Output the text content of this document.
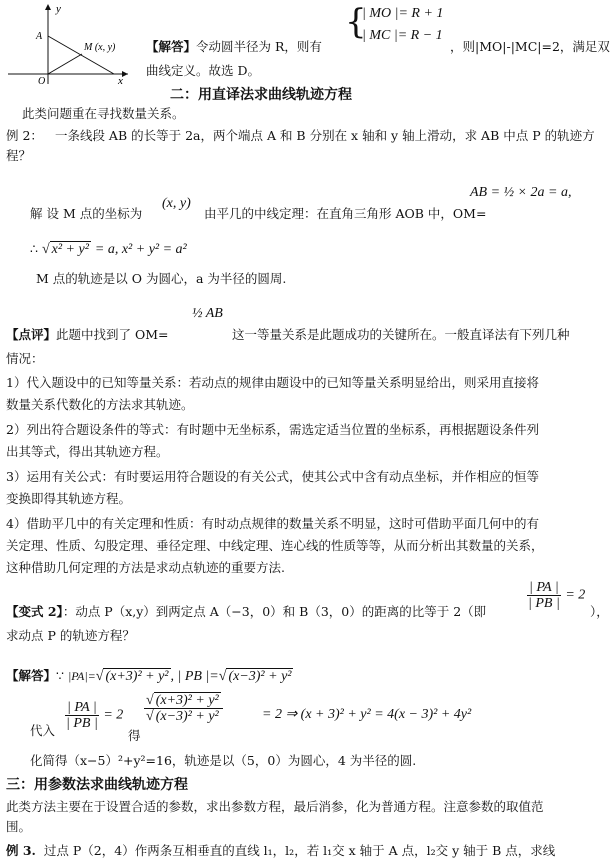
y
x
A
O
M (x, y) 【解答】令动圆半径为 R，则有
{
| MO |= R + 1
| MC |= R − 1
，则|MO|-|MC|=2，满足双
曲线定义。故选 D。
二：用直译法求曲线轨迹方程
此类问题重在寻找数量关系。
例 2： 一条线段 AB 的长等于 2a，两个端点 A 和 B 分别在 x 轴和 y 轴上滑动，求 AB 中点 P 的轨迹方
程？
解 设 M 点的坐标为
(x, y)
由平几的中线定理：在直角三角形 AOB 中，OM=
AB = ½ × 2a = a,
∴ √ x² + y² = a, x² + y² = a²
M 点的轨迹是以 O 为圆心，a 为半径的圆周.
【点评】此题中找到了 OM=
½ AB
这一等量关系是此题成功的关键所在。一般直译法有下列几种
情况：
1）代入题设中的已知等量关系：若动点的规律由题设中的已知等量关系明显给出，则采用直接将
数量关系代数化的方法求其轨迹。
2）列出符合题设条件的等式：有时题中无坐标系，需选定适当位置的坐标系，再根据题设条件列
出其等式，得出其轨迹方程。
3）运用有关公式：有时要运用符合题设的有关公式，使其公式中含有动点坐标，并作相应的恒等
变换即得其轨迹方程。
4）借助平几中的有关定理和性质：有时动点规律的数量关系不明显，这时可借助平面几何中的有
关定理、性质、勾股定理、垂径定理、中线定理、连心线的性质等等，从而分析出其数量的关系，
这种借助几何定理的方法是求动点轨迹的重要方法.
【变式 2】：动点 P（x,y）到两定点 A（−3，0）和 B（3，0）的距离的比等于 2（即
$\frac{| PA |}{| PB |} = 2$
），
求动点 P 的轨迹方程？
【解答】∵ |PA|=√ (x+3)² + y² , | PB |=√ (x−3)² + y²
代入 $\frac{| PA |}{| PB |} = 2$
得
$\frac{\text{√ (x+3)² + y²}}{\text{√ (x−3)² + y²}}$	= 2 ⇒ (x + 3)² + y² = 4(x − 3)² + 4y²
化简得（x−5）²+y²=16，轨迹是以（5，0）为圆心，4 为半径的圆.
三：用参数法求曲线轨迹方程
此类方法主要在于设置合适的参数，求出参数方程，最后消参，化为普通方程。注意参数的取值范
围。
例 3. 过点 P（2，4）作两条互相垂直的直线 l₁，l₂，若 l₁交 x 轴于 A 点，l₂交 y 轴于 B 点，求线
